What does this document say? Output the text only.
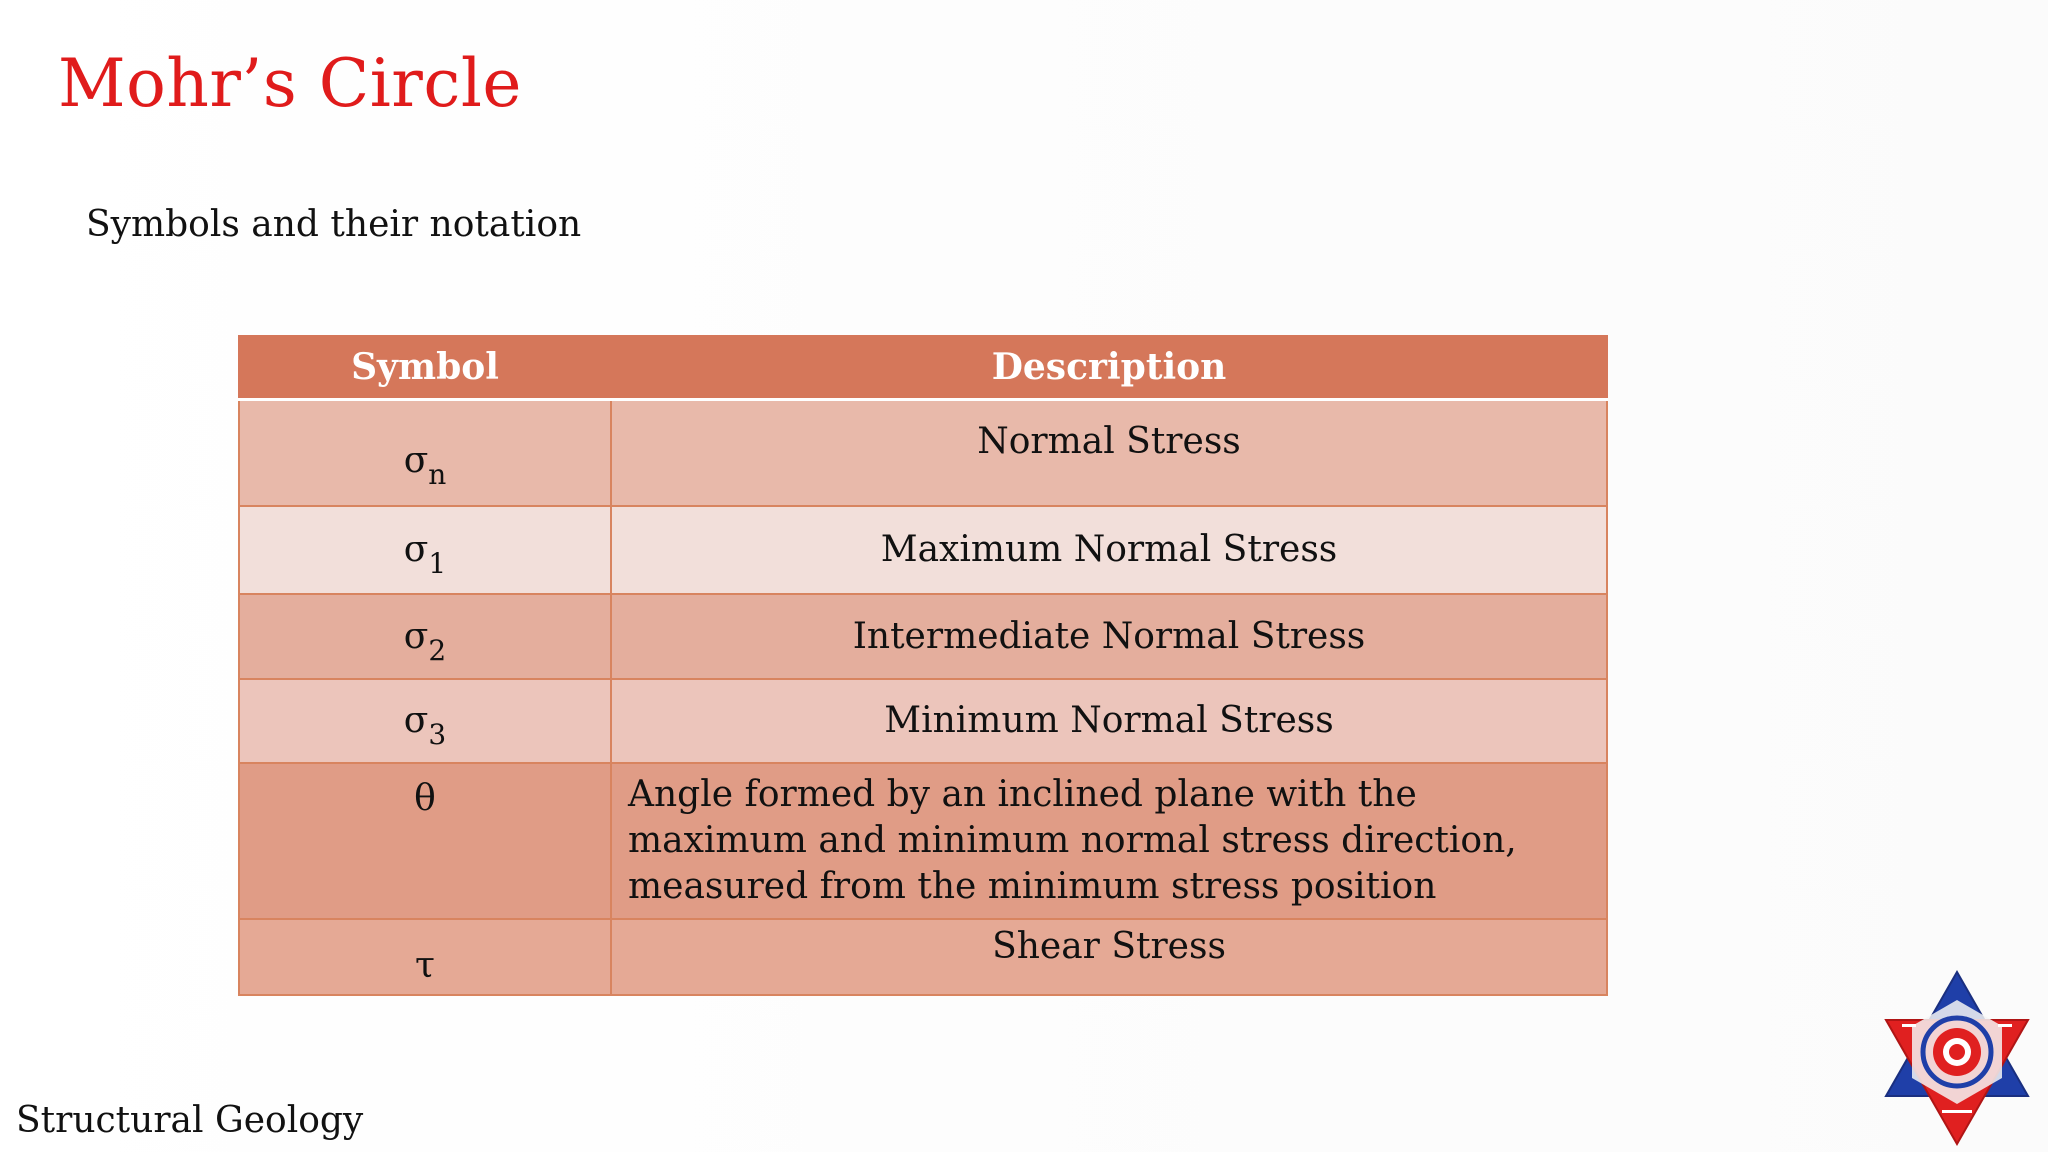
Mohr’s Circle
Symbols and their notation
Symbol	Description
$\sigma_n$	Normal Stress
$\sigma_1$	Maximum Normal Stress
$\sigma_2$	Intermediate Normal Stress
$\sigma_3$	Minimum Normal Stress
θ	Angle formed by an inclined plane with the maximum and minimum normal stress direction, measured from the minimum stress position
τ	Shear Stress
Structural Geology
